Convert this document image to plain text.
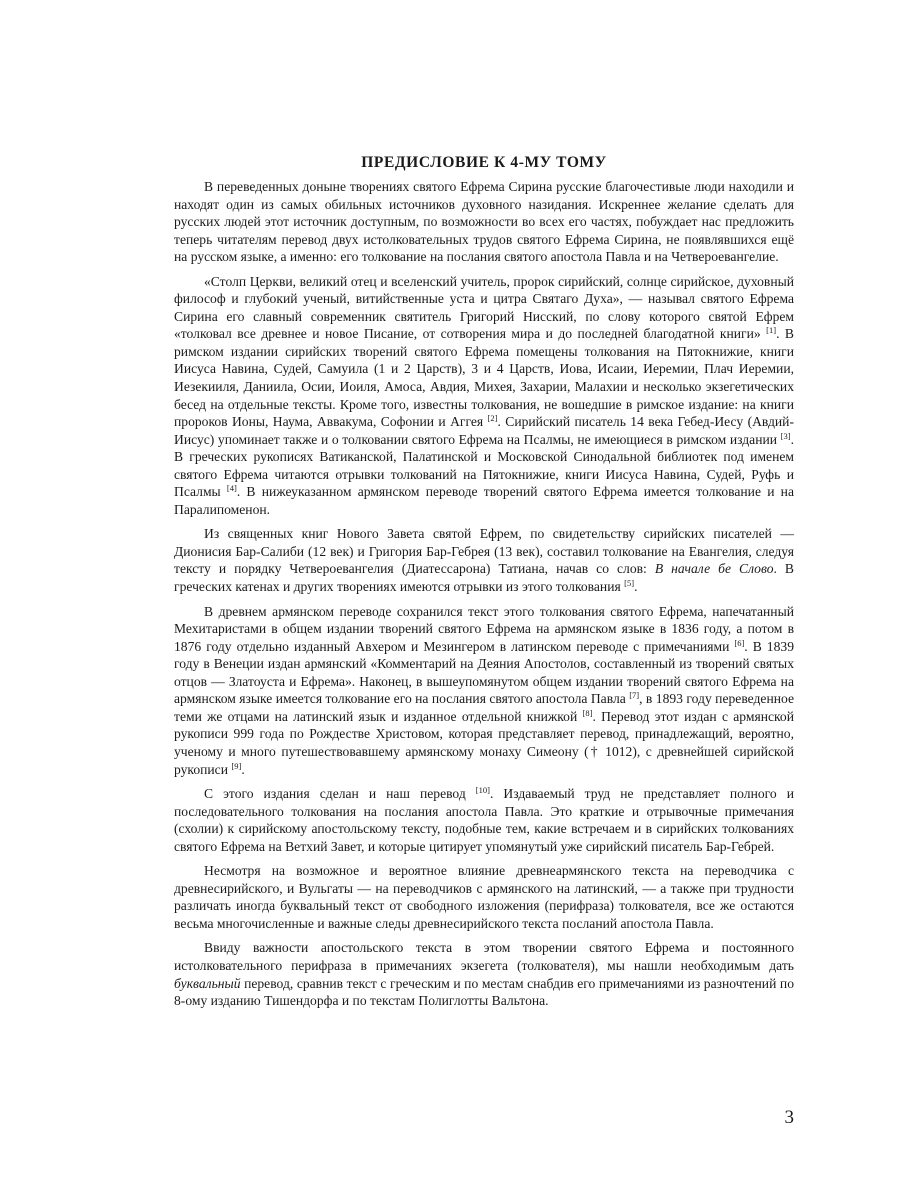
ПРЕДИСЛОВИЕ К 4-МУ ТОМУ

В переведенных доныне творениях святого Ефрема Сирина русские благочестивые люди находили и находят один из самых обильных источников духовного назидания. Искреннее желание сделать для русских людей этот источник доступным, по возможности во всех его частях, побуждает нас предложить теперь читателям перевод двух истолковательных трудов святого Ефрема Сирина, не появлявшихся ещё на русском языке, а именно: его толкование на послания святого апостола Павла и на Четвероевангелие.

«Столп Церкви, великий отец и вселенский учитель, пророк сирийский, солнце сирийское, духовный философ и глубокий ученый, витийственные уста и цитра Святаго Духа», — называл святого Ефрема Сирина его славный современник святитель Григорий Нисский, по слову которого святой Ефрем «толковал все древнее и новое Писание, от сотворения мира и до последней благодатной книги» [1]. В римском издании сирийских творений святого Ефрема помещены толкования на Пятокнижие, книги Иисуса Навина, Судей, Самуила (1 и 2 Царств), 3 и 4 Царств, Иова, Исаии, Иеремии, Плач Иеремии, Иезекииля, Даниила, Осии, Иоиля, Амоса, Авдия, Михея, Захарии, Малахии и несколько экзегетических бесед на отдельные тексты. Кроме того, известны толкования, не вошедшие в римское издание: на книги пророков Ионы, Наума, Аввакума, Софонии и Аггея [2]. Сирийский писатель 14 века Гебед-Иесу (Авдий-Иисус) упоминает также и о толковании святого Ефрема на Псалмы, не имеющиеся в римском издании [3]. В греческих рукописях Ватиканской, Палатинской и Московской Синодальной библиотек под именем святого Ефрема читаются отрывки толкований на Пятокнижие, книги Иисуса Навина, Судей, Руфь и Псалмы [4]. В нижеуказанном армянском переводе творений святого Ефрема имеется толкование и на Паралипоменон.

Из священных книг Нового Завета святой Ефрем, по свидетельству сирийских писателей — Дионисия Бар-Салиби (12 век) и Григория Бар-Гебрея (13 век), составил толкование на Евангелия, следуя тексту и порядку Четвероевангелия (Диатессарона) Татиана, начав со слов: В начале бе Слово. В греческих катенах и других творениях имеются отрывки из этого толкования [5].

В древнем армянском переводе сохранился текст этого толкования святого Ефрема, напечатанный Мехитаристами в общем издании творений святого Ефрема на армянском языке в 1836 году, а потом в 1876 году отдельно изданный Авхером и Мезингером в латинском переводе с примечаниями [6]. В 1839 году в Венеции издан армянский «Комментарий на Деяния Апостолов, составленный из творений святых отцов — Златоуста и Ефрема». Наконец, в вышеупомянутом общем издании творений святого Ефрема на армянском языке имеется толкование его на послания святого апостола Павла [7], в 1893 году переведенное теми же отцами на латинский язык и изданное отдельной книжкой [8]. Перевод этот издан с армянской рукописи 999 года по Рождестве Христовом, которая представляет перевод, принадлежащий, вероятно, ученому и много путешествовавшему армянскому монаху Симеону († 1012), с древнейшей сирийской рукописи [9].

С этого издания сделан и наш перевод [10]. Издаваемый труд не представляет полного и последовательного толкования на послания апостола Павла. Это краткие и отрывочные примечания (схолии) к сирийскому апостольскому тексту, подобные тем, какие встречаем и в сирийских толкованиях святого Ефрема на Ветхий Завет, и которые цитирует упомянутый уже сирийский писатель Бар-Гебрей.

Несмотря на возможное и вероятное влияние древнеармянского текста на переводчика с древнесирийского, и Вульгаты — на переводчиков с армянского на латинский, — а также при трудности различать иногда буквальный текст от свободного изложения (перифраза) толкователя, все же остаются весьма многочисленные и важные следы древнесирийского текста посланий апостола Павла.

Ввиду важности апостольского текста в этом творении святого Ефрема и постоянного истолковательного перифраза в примечаниях экзегета (толкователя), мы нашли необходимым дать буквальный перевод, сравнив текст с греческим и по местам снабдив его примечаниями из разночтений по 8-ому изданию Тишендорфа и по текстам Полиглотты Вальтона.

3
